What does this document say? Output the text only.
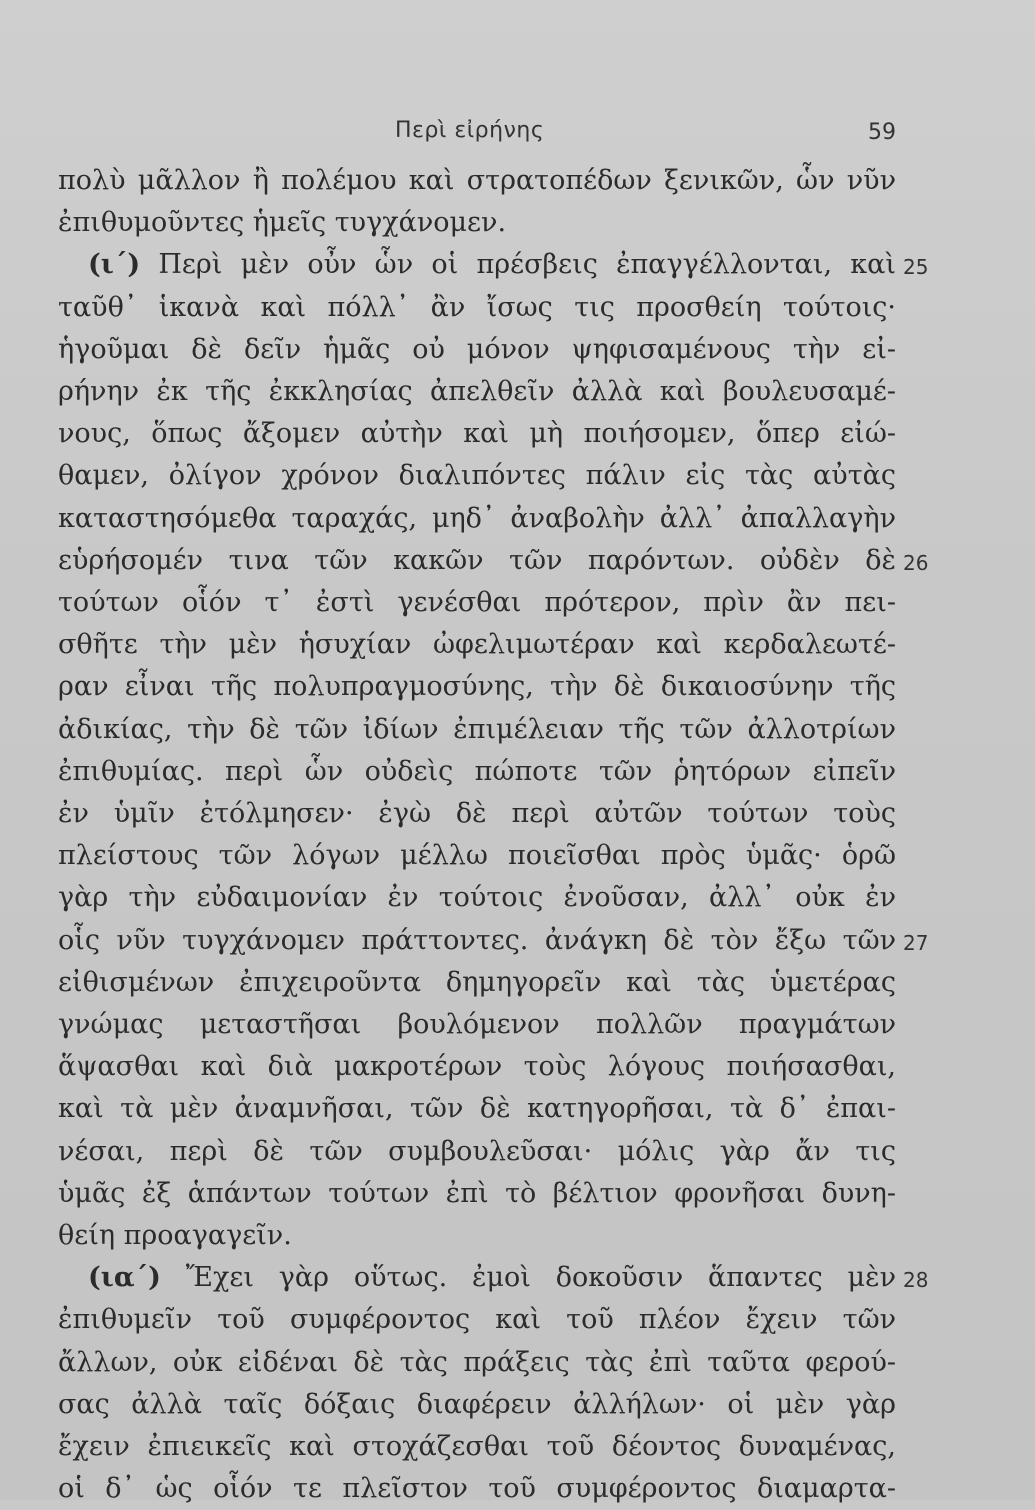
Περὶ εἰρήνης	59
πολὺ μᾶλλον ἢ πολέμου καὶ στρατοπέδων ξενικῶν, ὧν νῦν
ἐπιθυμοῦντες ἡμεῖς τυγχάνομεν.
(ι´) Περὶ μὲν οὖν ὧν οἱ πρέσβεις ἐπαγγέλλονται, καὶ 25
ταῦθ᾽ ἱκανὰ καὶ πόλλ᾽ ἂν ἴσως τις προσθείη τούτοις·
ἡγοῦμαι δὲ δεῖν ἡμᾶς οὐ μόνον ψηφισαμένους τὴν εἰ-
ρήνην ἐκ τῆς ἐκκλησίας ἀπελθεῖν ἀλλὰ καὶ βουλευσαμέ-
νους, ὅπως ἄξομεν αὐτὴν καὶ μὴ ποιήσομεν, ὅπερ εἰώ-
θαμεν, ὀλίγον χρόνον διαλιπόντες πάλιν εἰς τὰς αὐτὰς
καταστησόμεθα ταραχάς, μηδ᾽ ἀναβολὴν ἀλλ᾽ ἀπαλλαγὴν
εὑρήσομέν τινα τῶν κακῶν τῶν παρόντων. οὐδὲν δὲ 26
τούτων οἷόν τ᾽ ἐστὶ γενέσθαι πρότερον, πρὶν ἂν πει-
σθῆτε τὴν μὲν ἡσυχίαν ὠφελιμωτέραν καὶ κερδαλεωτέ-
ραν εἶναι τῆς πολυπραγμοσύνης, τὴν δὲ δικαιοσύνην τῆς
ἀδικίας, τὴν δὲ τῶν ἰδίων ἐπιμέλειαν τῆς τῶν ἀλλοτρίων
ἐπιθυμίας. περὶ ὧν οὐδεὶς πώποτε τῶν ῥητόρων εἰπεῖν
ἐν ὑμῖν ἐτόλμησεν· ἐγὼ δὲ περὶ αὐτῶν τούτων τοὺς
πλείστους τῶν λόγων μέλλω ποιεῖσθαι πρὸς ὑμᾶς· ὁρῶ
γὰρ τὴν εὐδαιμονίαν ἐν τούτοις ἐνοῦσαν, ἀλλ᾽ οὐκ ἐν
οἷς νῦν τυγχάνομεν πράττοντες. ἀνάγκη δὲ τὸν ἔξω τῶν 27
εἰθισμένων ἐπιχειροῦντα δημηγορεῖν καὶ τὰς ὑμετέρας
γνώμας μεταστῆσαι βουλόμενον πολλῶν πραγμάτων
ἅψασθαι καὶ διὰ μακροτέρων τοὺς λόγους ποιήσασθαι,
καὶ τὰ μὲν ἀναμνῆσαι, τῶν δὲ κατηγορῆσαι, τὰ δ᾽ ἐπαι-
νέσαι, περὶ δὲ τῶν συμβουλεῦσαι· μόλις γὰρ ἄν τις
ὑμᾶς ἐξ ἁπάντων τούτων ἐπὶ τὸ βέλτιον φρονῆσαι δυνη-
θείη προαγαγεῖν.
(ια´) Ἔχει γὰρ οὕτως. ἐμοὶ δοκοῦσιν ἅπαντες μὲν 28
ἐπιθυμεῖν τοῦ συμφέροντος καὶ τοῦ πλέον ἔχειν τῶν
ἄλλων, οὐκ εἰδέναι δὲ τὰς πράξεις τὰς ἐπὶ ταῦτα φερού-
σας ἀλλὰ ταῖς δόξαις διαφέρειν ἀλλήλων· οἱ μὲν γὰρ
ἔχειν ἐπιεικεῖς καὶ στοχάζεσθαι τοῦ δέοντος δυναμένας,
οἱ δ᾽ ὡς οἷόν τε πλεῖστον τοῦ συμφέροντος διαμαρτα-
